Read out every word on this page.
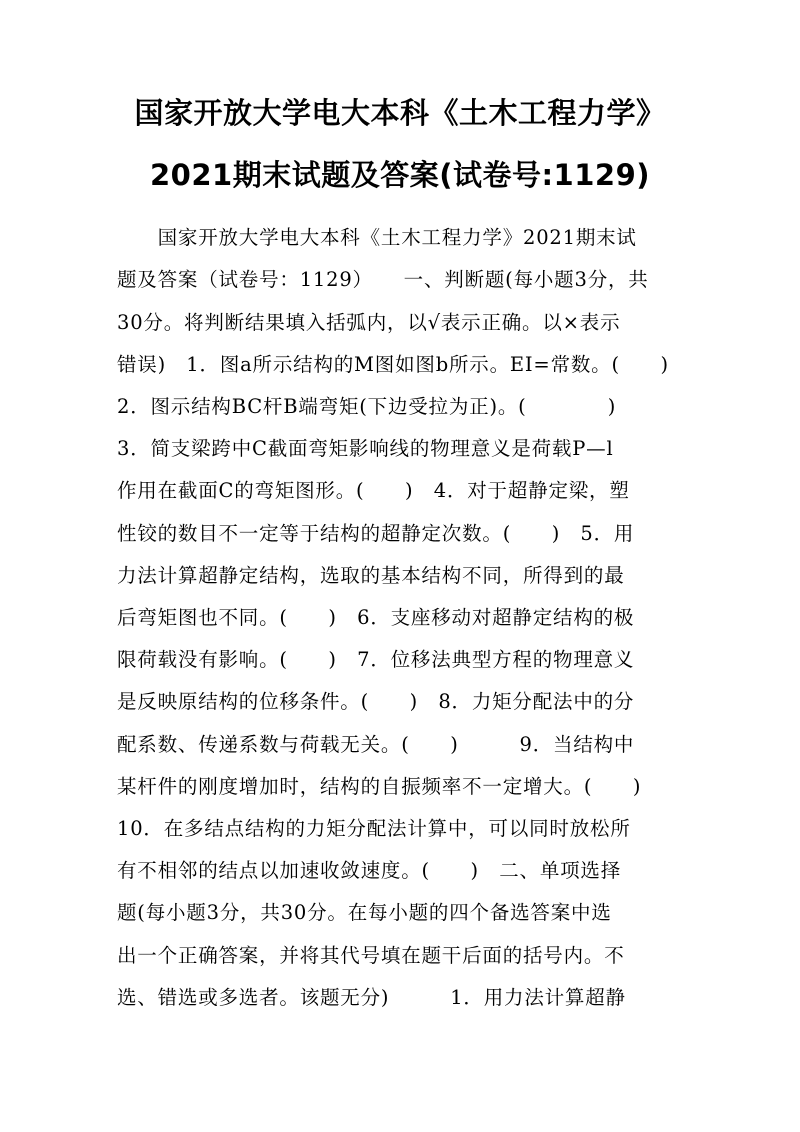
国家开放大学电大本科《土木工程力学》
2021期末试题及答案(试卷号:1129)
　　国家开放大学电大本科《土木工程力学》2021期末试
题及答案（试卷号：1129）　　一、判断题(每小题3分，共
30分。将判断结果填入括弧内，以√表示正确。以×表示
错误)　1．图a所示结构的M图如图b所示。EI=常数。(　　)
2．图示结构BC杆B端弯矩(下边受拉为正)。(　　　　)
3．简支梁跨中C截面弯矩影响线的物理意义是荷载P—l
作用在截面C的弯矩图形。(　　)　4．对于超静定梁，塑
性铰的数目不一定等于结构的超静定次数。(　　)　5．用
力法计算超静定结构，选取的基本结构不同，所得到的最
后弯矩图也不同。(　　)　6．支座移动对超静定结构的极
限荷载没有影响。(　　)　7．位移法典型方程的物理意义
是反映原结构的位移条件。(　　)　8．力矩分配法中的分
配系数、传递系数与荷载无关。(　　)　　　9．当结构中
某杆件的刚度增加时，结构的自振频率不一定增大。(　　)
10．在多结点结构的力矩分配法计算中，可以同时放松所
有不相邻的结点以加速收敛速度。(　　)　二、单项选择
题(每小题3分，共30分。在每小题的四个备选答案中选
出一个正确答案，并将其代号填在题干后面的括号内。不
选、错选或多选者。该题无分)　　　1．用力法计算超静
